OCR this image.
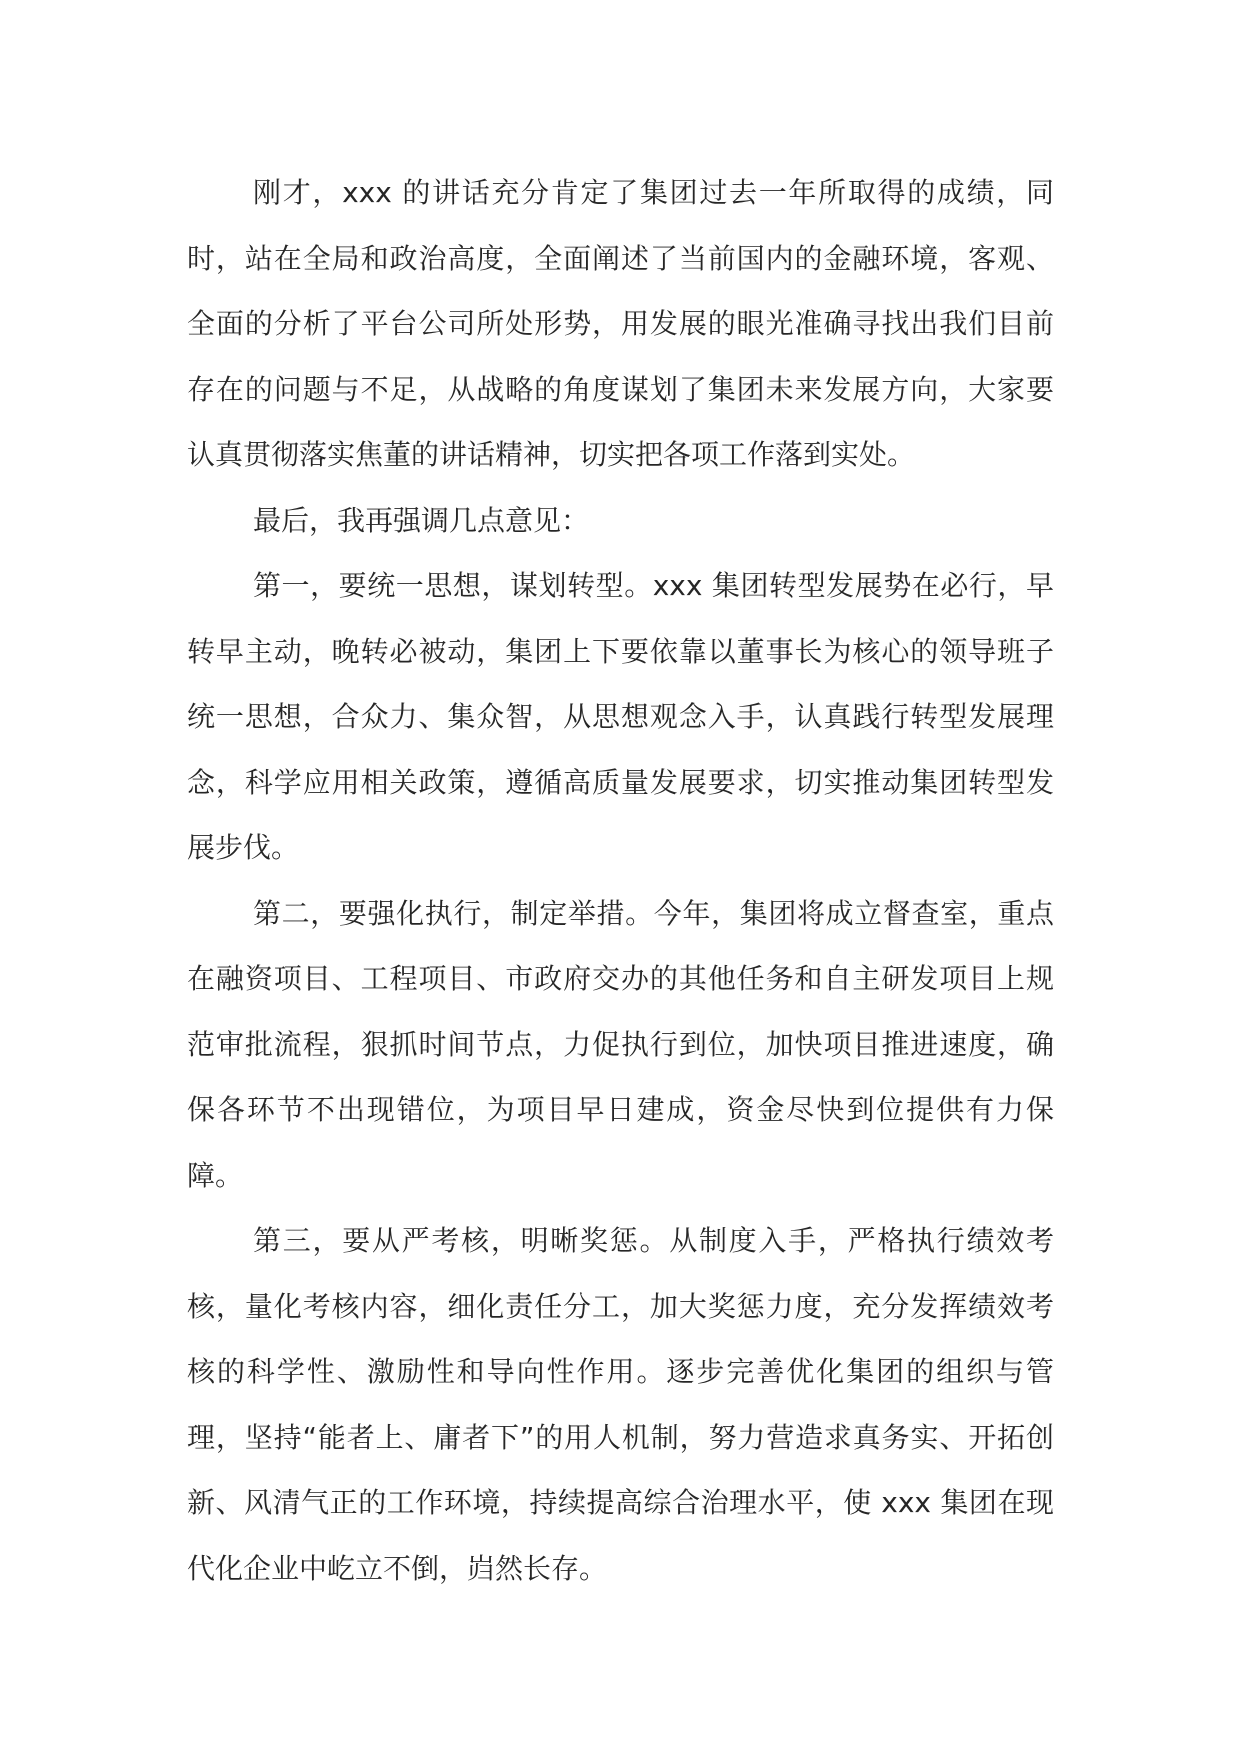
刚才，xxx 的讲话充分肯定了集团过去一年所取得的成绩，同时，站在全局和政治高度，全面阐述了当前国内的金融环境，客观、全面的分析了平台公司所处形势，用发展的眼光准确寻找出我们目前存在的问题与不足，从战略的角度谋划了集团未来发展方向，大家要认真贯彻落实焦董的讲话精神，切实把各项工作落到实处。

最后，我再强调几点意见：

第一，要统一思想，谋划转型。xxx 集团转型发展势在必行，早转早主动，晚转必被动，集团上下要依靠以董事长为核心的领导班子统一思想，合众力、集众智，从思想观念入手，认真践行转型发展理念，科学应用相关政策，遵循高质量发展要求，切实推动集团转型发展步伐。

第二，要强化执行，制定举措。今年，集团将成立督查室，重点在融资项目、工程项目、市政府交办的其他任务和自主研发项目上规范审批流程，狠抓时间节点，力促执行到位，加快项目推进速度，确保各环节不出现错位，为项目早日建成，资金尽快到位提供有力保障。

第三，要从严考核，明晰奖惩。从制度入手，严格执行绩效考核，量化考核内容，细化责任分工，加大奖惩力度，充分发挥绩效考核的科学性、激励性和导向性作用。逐步完善优化集团的组织与管理，坚持“能者上、庸者下”的用人机制，努力营造求真务实、开拓创新、风清气正的工作环境，持续提高综合治理水平，使 xxx 集团在现代化企业中屹立不倒，岿然长存。
